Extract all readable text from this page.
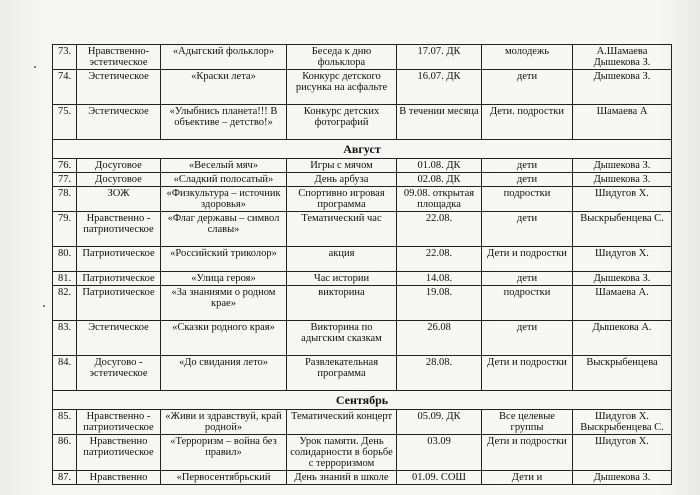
73.	Нравственно-эстетическое	«Адыгский фольклор»	Беседа к дню фольклора	17.07. ДК	молодежь	А.Шамаева Дышекова З.
74.	Эстетическое	«Краски лета»	Конкурс детского рисунка на асфальте	16.07. ДК	дети	Дышекова З.
75.	Эстетическое	«Улыбнись планета!!! В объективе – детство!»	Конкурс детских фотографий	В течении месяца	Дети. подростки	Шамаева А
Август						
76.	Досуговое	«Веселый мяч»	Игры с мячом	01.08. ДК	дети	Дышекова З.
77.	Досуговое	«Сладкий полосатый»	День арбуза	02.08. ДК	дети	Дышекова З.
78.	ЗОЖ	«Физкультура – источник здоровья»	Спортивно игровая программа	09.08. открытая площадка	подростки	Шидугов Х.
79.	Нравственно - патриотическое	«Флаг державы – символ славы»	Тематический час	22.08.	дети	Выскрыбенцева С.
80.	Патриотическое	«Российский триколор»	акция	22.08.	Дети и подростки	Шидугов Х.
81.	Патриотическое	«Улица героя»	Час истории	14.08.	дети	Дышекова З.
82.	Патриотическое	«За знаниями о родном крае»	викторина	19.08.	подростки	Шамаева А.
83.	Эстетическое	«Сказки родного края»	Викторина по адыгским сказкам	26.08	дети	Дышекова А.
84.	Досугово - эстетическое	«До свидания лето»	Развлекательная программа	28.08.	Дети и подростки	Выскрыбенцева
Сентябрь						
85.	Нравственно - патриотическое	«Живи и здравствуй, край родной»	Тематический концерт	05.09. ДК	Все целевые группы	Шидугов Х. Выскрыбенцева С.
86.	Нравственно патриотическое	«Терроризм – война без правил»	Урок памяти. День солидарности в борьбе с терроризмом	03.09	Дети и подростки	Шидугов Х.
87.	Нравственно	«Первосентябрьский	День знаний в школе	01.09. СОШ	Дети и	Дышекова З.
